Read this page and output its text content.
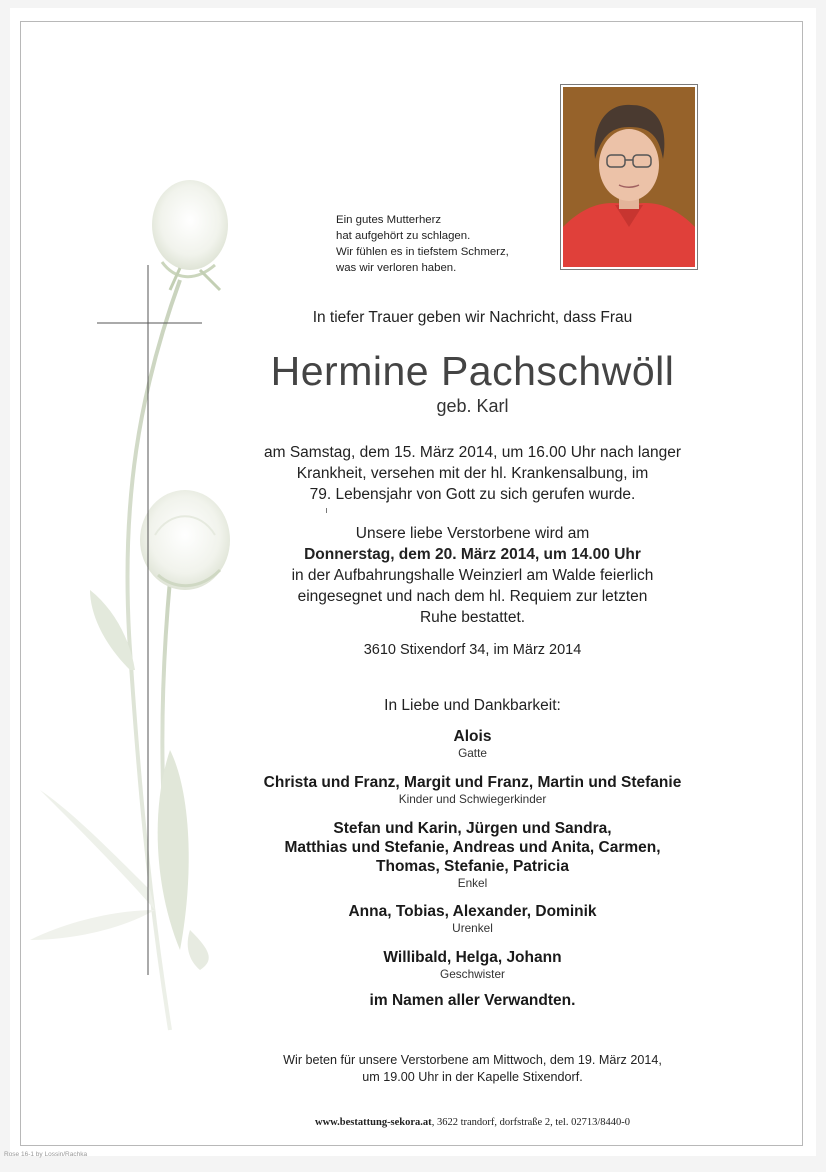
Ein gutes Mutterherz
hat aufgehört zu schlagen.
Wir fühlen es in tiefstem Schmerz,
was wir verloren haben.
In tiefer Trauer geben wir Nachricht, dass Frau
Hermine Pachschwöll
geb. Karl
am Samstag, dem 15. März 2014, um 16.00 Uhr nach langer
Krankheit, versehen mit der hl. Krankensalbung, im
79. Lebensjahr von Gott zu sich gerufen wurde.
Unsere liebe Verstorbene wird am
Donnerstag, dem 20. März 2014, um 14.00 Uhr
in der Aufbahrungshalle Weinzierl am Walde feierlich
eingesegnet und nach dem hl. Requiem zur letzten
Ruhe bestattet.
3610 Stixendorf 34, im März 2014
In Liebe und Dankbarkeit:
Alois
Gatte
Christa und Franz, Margit und Franz, Martin und Stefanie
Kinder und Schwiegerkinder
Stefan und Karin, Jürgen und Sandra,
Matthias und Stefanie, Andreas und Anita, Carmen,
Thomas, Stefanie, Patricia
Enkel
Anna, Tobias, Alexander, Dominik
Urenkel
Willibald, Helga, Johann
Geschwister
im Namen aller Verwandten.
Wir beten für unsere Verstorbene am Mittwoch, dem 19. März 2014,
um 19.00 Uhr in der Kapelle Stixendorf.
www.bestattung-sekora.at, 3622 trandorf, dorfstraße 2, tel. 02713/8440-0
Rose 16-1 by Lossin/Rachka
